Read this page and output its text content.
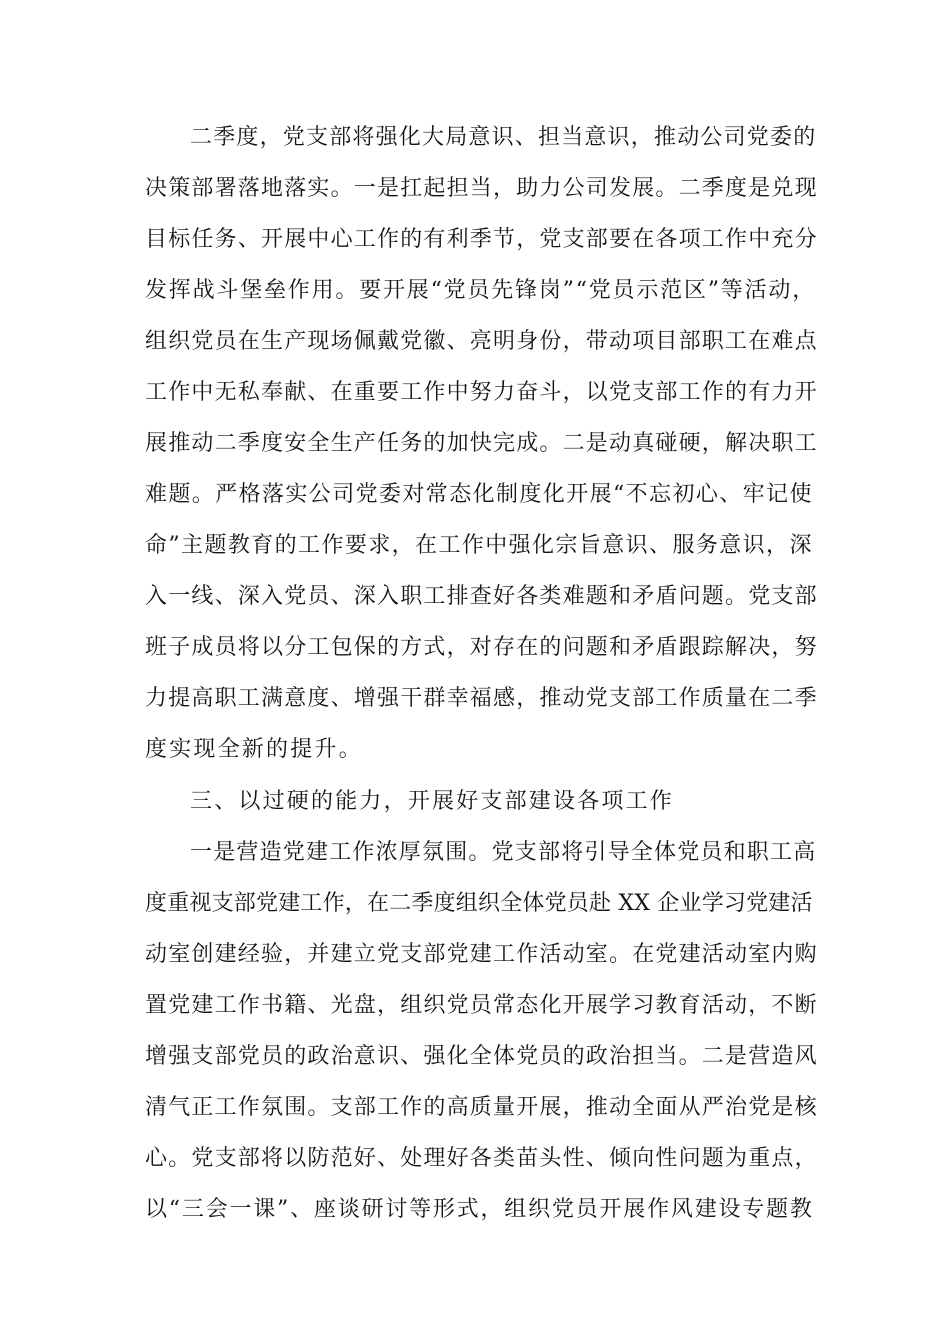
二季度，党支部将强化大局意识、担当意识，推动公司党委的
决策部署落地落实。一是扛起担当，助力公司发展。二季度是兑现
目标任务、开展中心工作的有利季节，党支部要在各项工作中充分
发挥战斗堡垒作用。要开展“党员先锋岗”“党员示范区”等活动，
组织党员在生产现场佩戴党徽、亮明身份，带动项目部职工在难点
工作中无私奉献、在重要工作中努力奋斗，以党支部工作的有力开
展推动二季度安全生产任务的加快完成。二是动真碰硬，解决职工
难题。严格落实公司党委对常态化制度化开展“不忘初心、牢记使
命”主题教育的工作要求，在工作中强化宗旨意识、服务意识，深
入一线、深入党员、深入职工排查好各类难题和矛盾问题。党支部
班子成员将以分工包保的方式，对存在的问题和矛盾跟踪解决，努
力提高职工满意度、增强干群幸福感，推动党支部工作质量在二季
度实现全新的提升。
三、以过硬的能力，开展好支部建设各项工作
一是营造党建工作浓厚氛围。党支部将引导全体党员和职工高
度重视支部党建工作，在二季度组织全体党员赴 XX 企业学习党建活
动室创建经验，并建立党支部党建工作活动室。在党建活动室内购
置党建工作书籍、光盘，组织党员常态化开展学习教育活动，不断
增强支部党员的政治意识、强化全体党员的政治担当。二是营造风
清气正工作氛围。支部工作的高质量开展，推动全面从严治党是核
心。党支部将以防范好、处理好各类苗头性、倾向性问题为重点，
以“三会一课”、座谈研讨等形式，组织党员开展作风建设专题教
